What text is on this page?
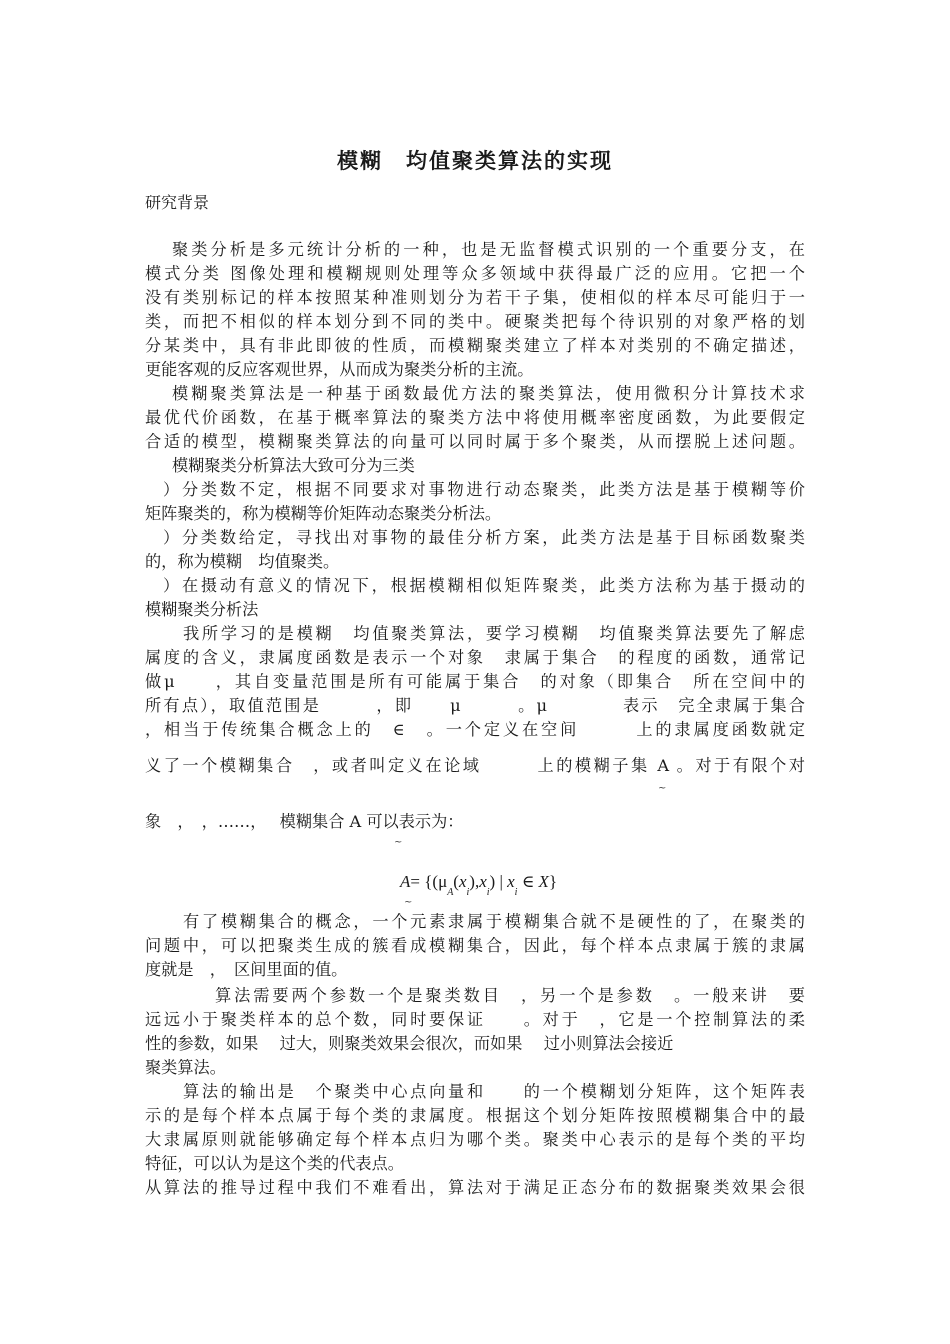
模糊　均值聚类算法的实现
研究背景
聚类分析是多元统计分析的一种，也是无监督模式识别的一个重要分支，在
模式分类 图像处理和模糊规则处理等众多领域中获得最广泛的应用。它把一个
没有类别标记的样本按照某种准则划分为若干子集，使相似的样本尽可能归于一
类，而把不相似的样本划分到不同的类中。硬聚类把每个待识别的对象严格的划
分某类中，具有非此即彼的性质，而模糊聚类建立了样本对类别的不确定描述，
更能客观的反应客观世界，从而成为聚类分析的主流。
模糊聚类算法是一种基于函数最优方法的聚类算法，使用微积分计算技术求
最优代价函数，在基于概率算法的聚类方法中将使用概率密度函数，为此要假定
合适的模型，模糊聚类算法的向量可以同时属于多个聚类，从而摆脱上述问题。
模糊聚类分析算法大致可分为三类
）分类数不定，根据不同要求对事物进行动态聚类，此类方法是基于模糊等价
矩阵聚类的，称为模糊等价矩阵动态聚类分析法。
）分类数给定，寻找出对事物的最佳分析方案，此类方法是基于目标函数聚类
的，称为模糊　均值聚类。
）在摄动有意义的情况下，根据模糊相似矩阵聚类，此类方法称为基于摄动的
模糊聚类分析法
我所学习的是模糊　均值聚类算法，要学习模糊　均值聚类算法要先了解虑
属度的含义，隶属度函数是表示一个对象　隶属于集合　的程度的函数，通常记
做μ　　，其自变量范围是所有可能属于集合　的对象（即集合　所在空间中的
所有点），取值范围是　　　，即　　μ　　　。μ　　　　表示　完全隶属于集合
，相当于传统集合概念上的　∈　。一个定义在空间　　　上的隶属度函数就定
义了一个模糊集合　，或者叫定义在论域　　　上的模糊子集 A 。对于有限个对
~
象　，　，……，　 模糊集合 A 可以表示为：
~
$A= \{(\mu_A(x_i),x_i)$ | $x_i$ ∈ X}
~
有了模糊集合的概念，一个元素隶属于模糊集合就不是硬性的了，在聚类的
问题中，可以把聚类生成的簇看成模糊集合，因此，每个样本点隶属于簇的隶属
度就是　，　区间里面的值。
算法需要两个参数一个是聚类数目　，另一个是参数　。一般来讲　要
远远小于聚类样本的总个数，同时要保证　　。对于　，它是一个控制算法的柔
性的参数，如果　 过大，则聚类效果会很次，而如果　 过小则算法会接近
聚类算法。
算法的输出是　个聚类中心点向量和　　的一个模糊划分矩阵，这个矩阵表
示的是每个样本点属于每个类的隶属度。根据这个划分矩阵按照模糊集合中的最
大隶属原则就能够确定每个样本点归为哪个类。聚类中心表示的是每个类的平均
特征，可以认为是这个类的代表点。
从算法的推导过程中我们不难看出，算法对于满足正态分布的数据聚类效果会很
